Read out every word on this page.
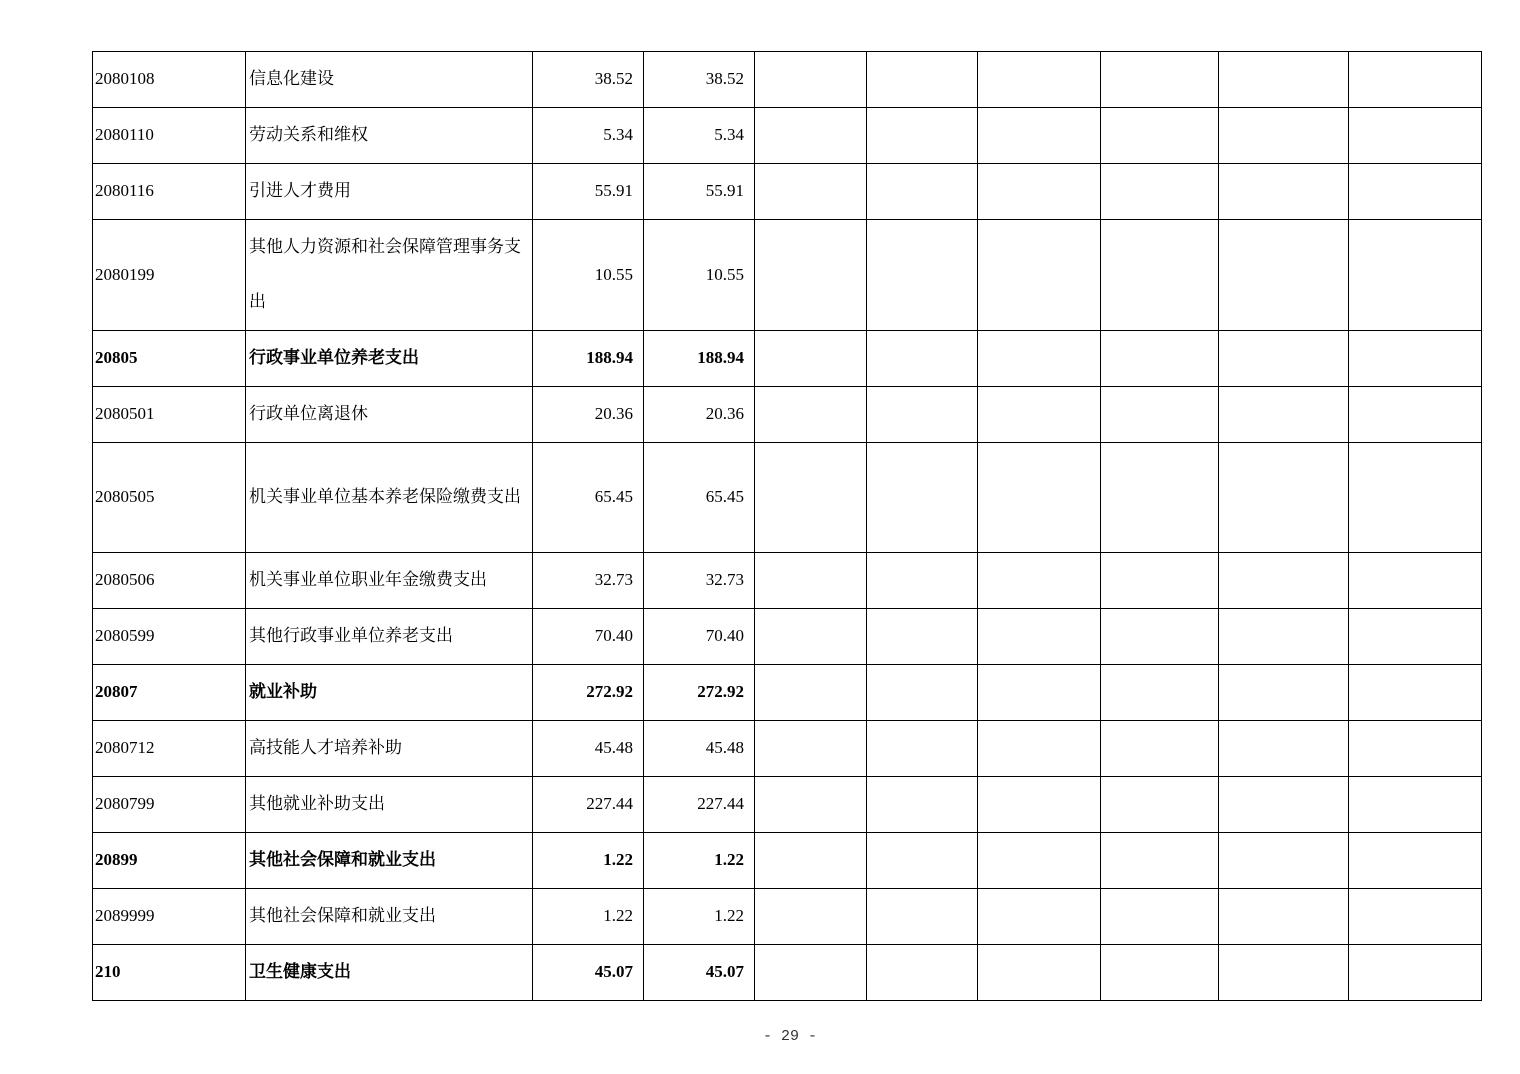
2080108	信息化建设	38.52	38.52						
2080110	劳动关系和维权	5.34	5.34						
2080116	引进人才费用	55.91	55.91						
2080199	其他人力资源和社会保障管理事务支出	10.55	10.55						
20805	行政事业单位养老支出	188.94	188.94						
2080501	行政单位离退休	20.36	20.36						
2080505	机关事业单位基本养老保险缴费支出	65.45	65.45						
2080506	机关事业单位职业年金缴费支出	32.73	32.73						
2080599	其他行政事业单位养老支出	70.40	70.40						
20807	就业补助	272.92	272.92						
2080712	高技能人才培养补助	45.48	45.48						
2080799	其他就业补助支出	227.44	227.44						
20899	其他社会保障和就业支出	1.22	1.22						
2089999	其他社会保障和就业支出	1.22	1.22						
210	卫生健康支出	45.07	45.07						
- 29 -
